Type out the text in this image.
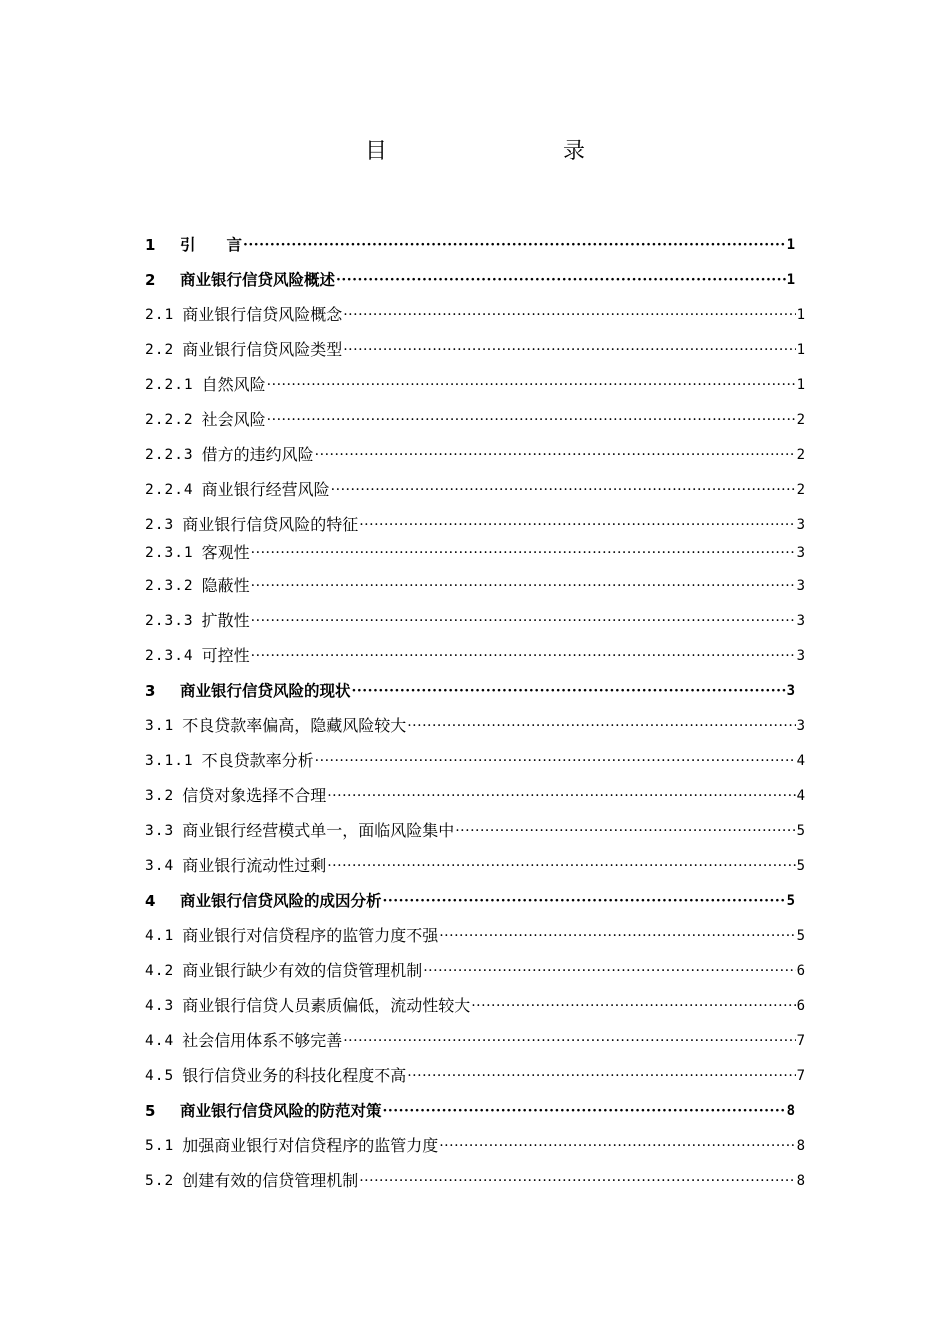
目　　录
1	引　　言 ·····	1
2	商业银行信贷风险概述 ·····	1
2.1 商业银行信贷风险概念 ·····	1
2.2 商业银行信贷风险类型 ·····	1
2.2.1 自然风险 ·····	1
2.2.2 社会风险 ·····	2
2.2.3 借方的违约风险 ·····	2
2.2.4 商业银行经营风险 ·····	2
2.3 商业银行信贷风险的特征 ·····	3
2.3.1 客观性 ·····	3
2.3.2 隐蔽性 ·····	3
2.3.3 扩散性 ·····	3
2.3.4 可控性 ·····	3
3	商业银行信贷风险的现状 ·····	3
3.1 不良贷款率偏高，隐藏风险较大 ·····	3
3.1.1 不良贷款率分析 ·····	4
3.2 信贷对象选择不合理 ·····	4
3.3 商业银行经营模式单一，面临风险集中 ·····	5
3.4 商业银行流动性过剩 ·····	5
4	商业银行信贷风险的成因分析 ·····	5
4.1 商业银行对信贷程序的监管力度不强 ·····	5
4.2 商业银行缺少有效的信贷管理机制 ·····	6
4.3 商业银行信贷人员素质偏低，流动性较大 ·····	6
4.4 社会信用体系不够完善 ·····	7
4.5 银行信贷业务的科技化程度不高 ·····	7
5	商业银行信贷风险的防范对策 ·····	8
5.1 加强商业银行对信贷程序的监管力度 ·····	8
5.2 创建有效的信贷管理机制 ·····	8
